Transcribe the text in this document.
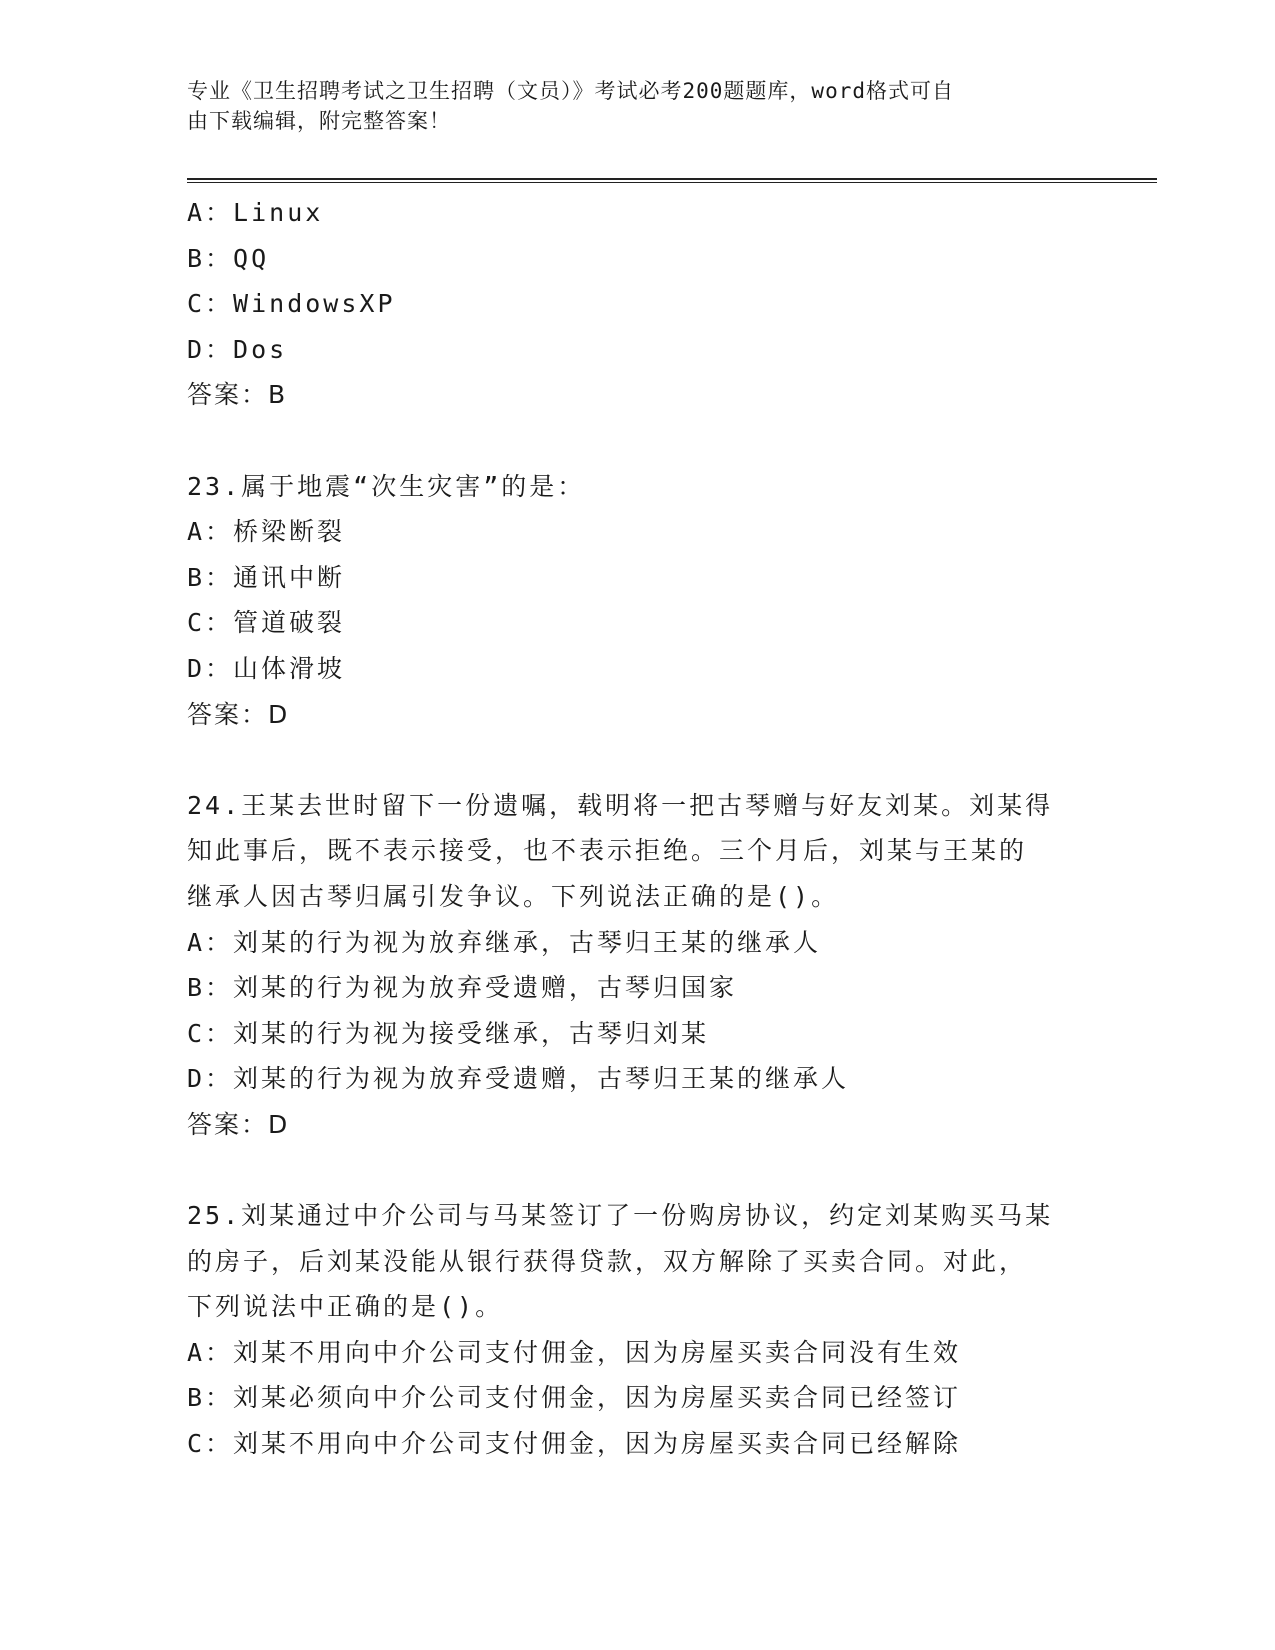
专业《卫生招聘考试之卫生招聘（文员）》考试必考200题题库，word格式可自
由下载编辑，附完整答案！
A：Linux
B：QQ
C：WindowsXP
D：Dos
答案：B
23.属于地震“次生灾害”的是：
A：桥梁断裂
B：通讯中断
C：管道破裂
D：山体滑坡
答案：D
24.王某去世时留下一份遗嘱，载明将一把古琴赠与好友刘某。刘某得
知此事后，既不表示接受，也不表示拒绝。三个月后，刘某与王某的
继承人因古琴归属引发争议。下列说法正确的是()。
A：刘某的行为视为放弃继承，古琴归王某的继承人
B：刘某的行为视为放弃受遗赠，古琴归国家
C：刘某的行为视为接受继承，古琴归刘某
D：刘某的行为视为放弃受遗赠，古琴归王某的继承人
答案：D
25.刘某通过中介公司与马某签订了一份购房协议，约定刘某购买马某
的房子，后刘某没能从银行获得贷款，双方解除了买卖合同。对此，
下列说法中正确的是()。
A：刘某不用向中介公司支付佣金，因为房屋买卖合同没有生效
B：刘某必须向中介公司支付佣金，因为房屋买卖合同已经签订
C：刘某不用向中介公司支付佣金，因为房屋买卖合同已经解除
